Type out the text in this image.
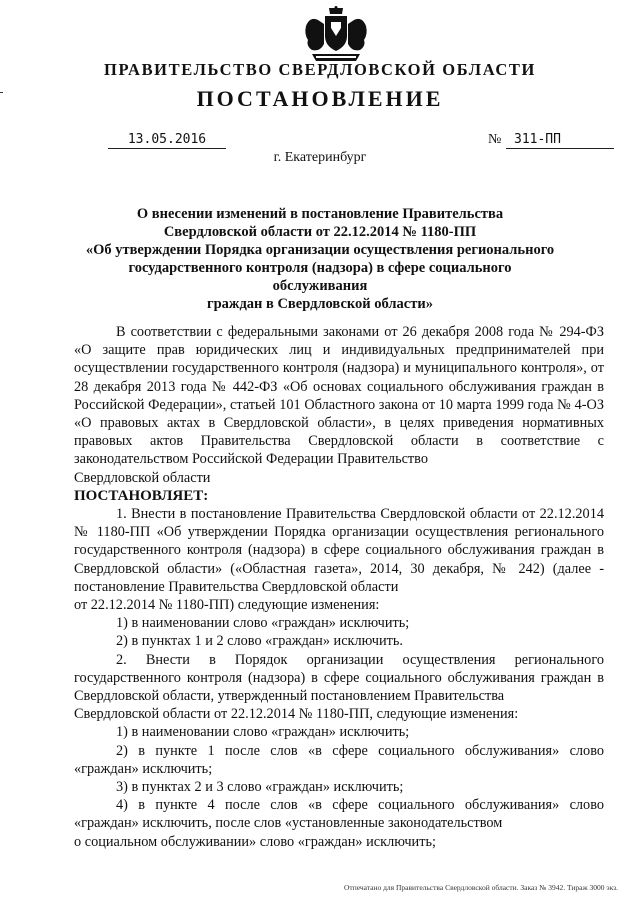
ПРАВИТЕЛЬСТВО СВЕРДЛОВСКОЙ ОБЛАСТИ
ПОСТАНОВЛЕНИЕ
13.05.2016	№ 311-ПП
г. Екатеринбург
О внесении изменений в постановление Правительства
Свердловской области от 22.12.2014 № 1180-ПП
«Об утверждении Порядка организации осуществления регионального
государственного контроля (надзора) в сфере социального обслуживания
граждан в Свердловской области»

В соответствии с федеральными законами от 26 декабря 2008 года № 294-ФЗ «О защите прав юридических лиц и индивидуальных предпринимателей при осуществлении государственного контроля (надзора) и муниципального контроля», от 28 декабря 2013 года № 442-ФЗ «Об основах социального обслуживания граждан в Российской Федерации», статьей 101 Областного закона от 10 марта 1999 года № 4-ОЗ «О правовых актах в Свердловской области», в целях приведения нормативных правовых актов Правительства Свердловской области в соответствие с законодательством Российской Федерации Правительство

Свердловской области

ПОСТАНОВЛЯЕТ:

1. Внести в постановление Правительства Свердловской области от 22.12.2014 № 1180-ПП «Об утверждении Порядка организации осуществления регионального государственного контроля (надзора) в сфере социального обслуживания граждан в Свердловской области» («Областная газета», 2014, 30 декабря, № 242) (далее - постановление Правительства Свердловской области

от 22.12.2014 № 1180-ПП) следующие изменения:

1) в наименовании слово «граждан» исключить;

2) в пунктах 1 и 2 слово «граждан» исключить.

2. Внести в Порядок организации осуществления регионального государственного контроля (надзора) в сфере социального обслуживания граждан в Свердловской области, утвержденный постановлением Правительства

Свердловской области от 22.12.2014 № 1180-ПП, следующие изменения:

1) в наименовании слово «граждан» исключить;

2) в пункте 1 после слов «в сфере социального обслуживания» слово

«граждан» исключить;

3) в пунктах 2 и 3 слово «граждан» исключить;

4) в пункте 4 после слов «в сфере социального обслуживания» слово «граждан» исключить, после слов «установленные законодательством

о социальном обслуживании» слово «граждан» исключить;

Отпечатано для Правительства Свердловской области. Заказ № 3942. Тираж 3000 экз.
